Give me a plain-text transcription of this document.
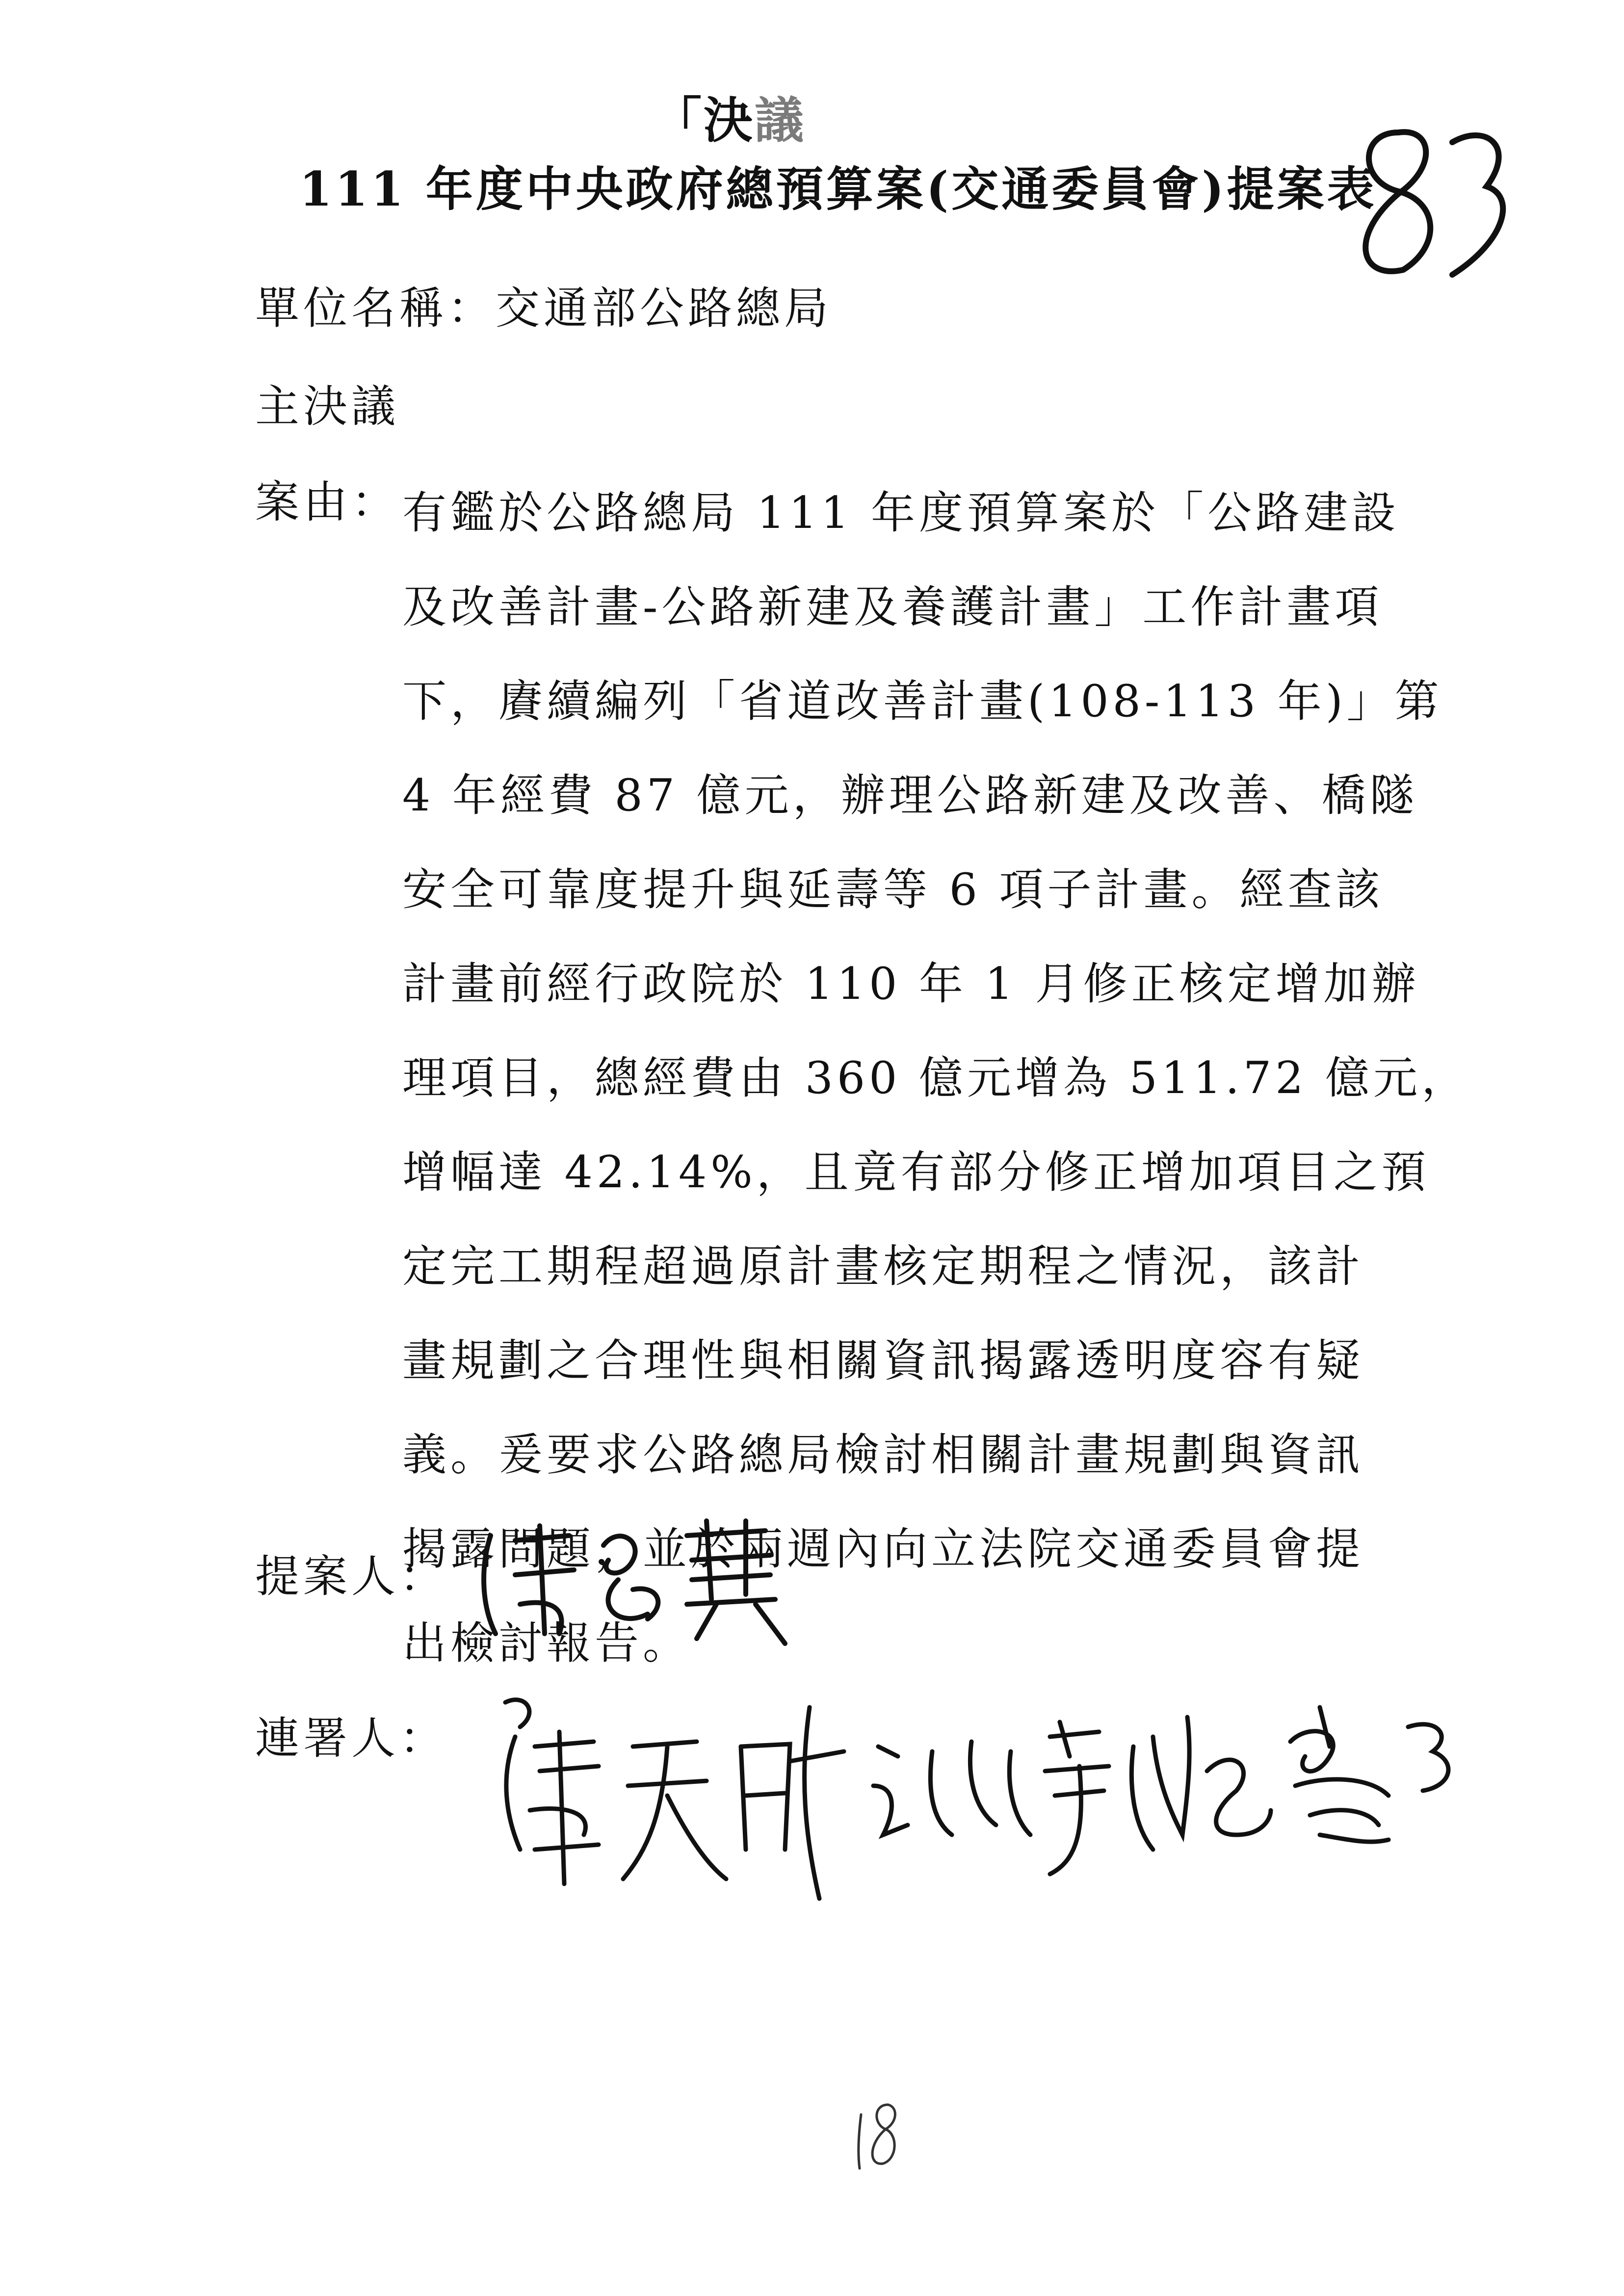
「決議
111 年度中央政府總預算案(交通委員會)提案表
單位名稱：交通部公路總局
主決議
案由： 有鑑於公路總局 111 年度預算案於「公路建設
及改善計畫-公路新建及養護計畫」工作計畫項
下，賡續編列「省道改善計畫(108-113 年)」第
4 年經費 87 億元，辦理公路新建及改善、橋隧
安全可靠度提升與延壽等 6 項子計畫。經查該
計畫前經行政院於 110 年 1 月修正核定增加辦
理項目，總經費由 360 億元增為 511.72 億元，
增幅達 42.14%，且竟有部分修正增加項目之預
定完工期程超過原計畫核定期程之情況，該計
畫規劃之合理性與相關資訊揭露透明度容有疑
義。爰要求公路總局檢討相關計畫規劃與資訊
揭露問題，並於兩週內向立法院交通委員會提
出檢討報告。
提案人：
連署人：
